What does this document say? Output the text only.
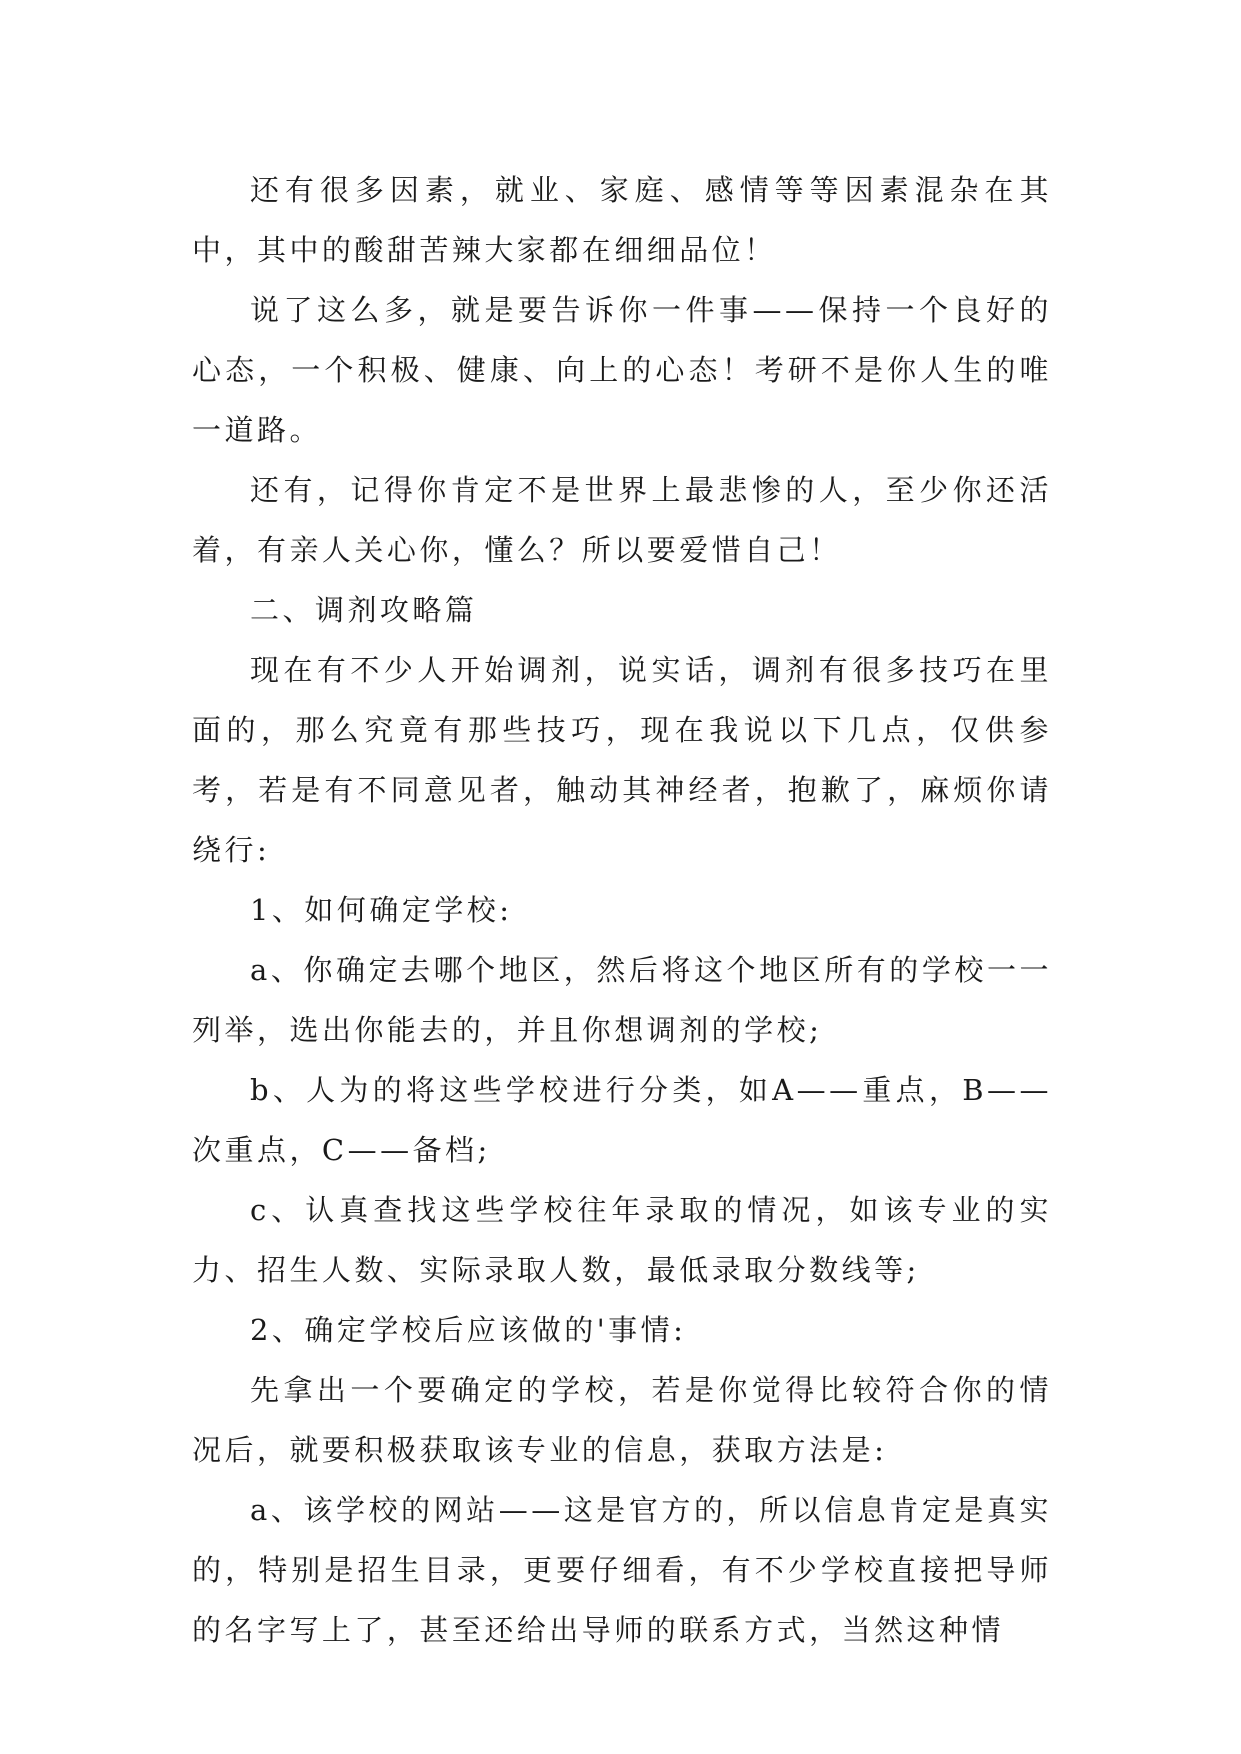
还有很多因素，就业、家庭、感情等等因素混杂在其中，其中的酸甜苦辣大家都在细细品位！

说了这么多，就是要告诉你一件事——保持一个良好的心态，一个积极、健康、向上的心态！考研不是你人生的唯一道路。

还有，记得你肯定不是世界上最悲惨的人，至少你还活着，有亲人关心你，懂么？所以要爱惜自己！

二、调剂攻略篇

现在有不少人开始调剂，说实话，调剂有很多技巧在里面的，那么究竟有那些技巧，现在我说以下几点，仅供参考，若是有不同意见者，触动其神经者，抱歉了，麻烦你请绕行:

1、如何确定学校:

a、你确定去哪个地区，然后将这个地区所有的学校一一列举，选出你能去的，并且你想调剂的学校;

b、人为的将这些学校进行分类，如A——重点，B——次重点，C——备档;

c、认真查找这些学校往年录取的情况，如该专业的实力、招生人数、实际录取人数，最低录取分数线等;

2、确定学校后应该做的'事情:

先拿出一个要确定的学校，若是你觉得比较符合你的情况后，就要积极获取该专业的信息，获取方法是:

a、该学校的网站——这是官方的，所以信息肯定是真实的，特别是招生目录，更要仔细看，有不少学校直接把导师的名字写上了，甚至还给出导师的联系方式，当然这种情
